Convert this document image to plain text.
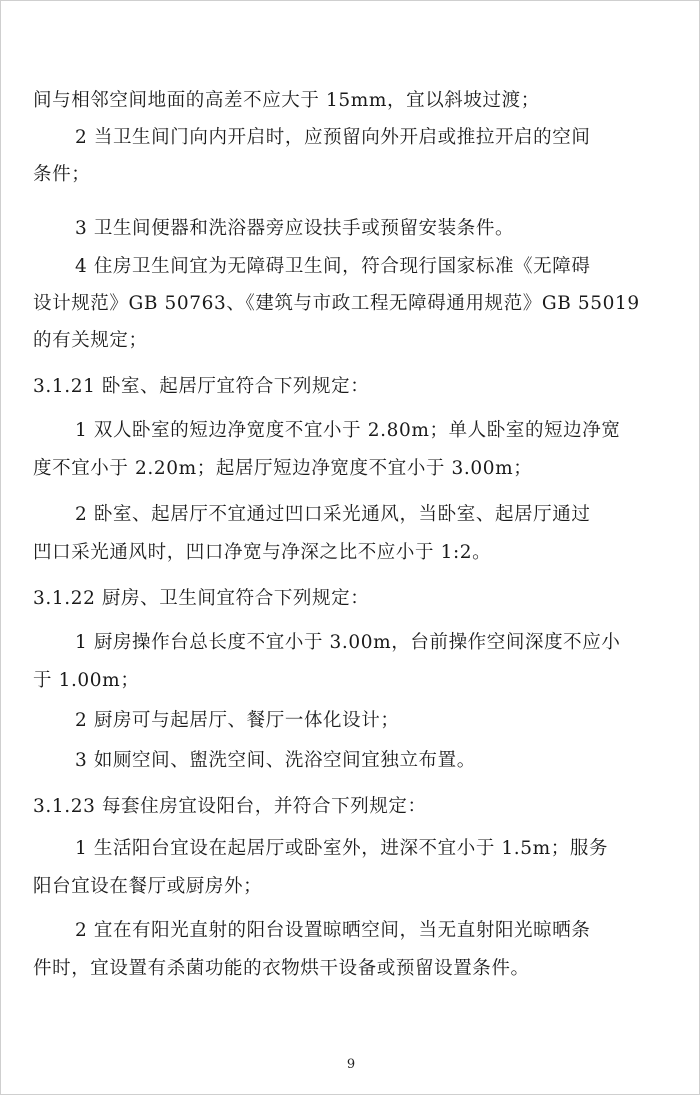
间与相邻空间地面的高差不应大于 15mm，宜以斜坡过渡；
2 当卫生间门向内开启时，应预留向外开启或推拉开启的空间
条件；
3 卫生间便器和洗浴器旁应设扶手或预留安装条件。
4 住房卫生间宜为无障碍卫生间，符合现行国家标准《无障碍
设计规范》GB 50763、《建筑与市政工程无障碍通用规范》GB 55019
的有关规定；
3.1.21 卧室、起居厅宜符合下列规定：
1 双人卧室的短边净宽度不宜小于 2.80m；单人卧室的短边净宽
度不宜小于 2.20m；起居厅短边净宽度不宜小于 3.00m；
2 卧室、起居厅不宜通过凹口采光通风，当卧室、起居厅通过
凹口采光通风时，凹口净宽与净深之比不应小于 1:2。
3.1.22 厨房、卫生间宜符合下列规定：
1 厨房操作台总长度不宜小于 3.00m，台前操作空间深度不应小
于 1.00m；
2 厨房可与起居厅、餐厅一体化设计；
3 如厕空间、盥洗空间、洗浴空间宜独立布置。
3.1.23 每套住房宜设阳台，并符合下列规定：
1 生活阳台宜设在起居厅或卧室外，进深不宜小于 1.5m；服务
阳台宜设在餐厅或厨房外；
2 宜在有阳光直射的阳台设置晾晒空间，当无直射阳光晾晒条
件时，宜设置有杀菌功能的衣物烘干设备或预留设置条件。
9
